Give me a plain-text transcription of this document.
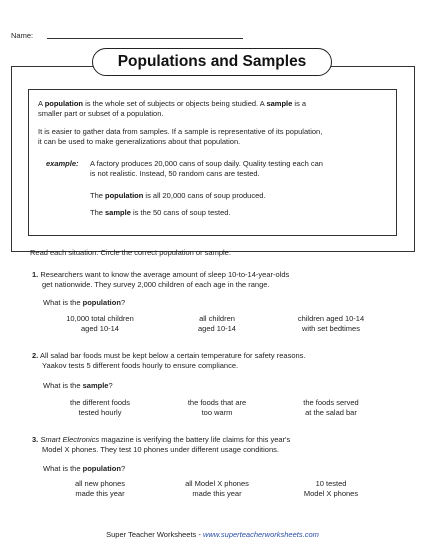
Name:
Populations and Samples
A population is the whole set of subjects or objects being studied. A sample is a
smaller part or subset of a population.
It is easier to gather data from samples. If a sample is representative of its population,
it can be used to make generalizations about that population.
example: A factory produces 20,000 cans of soup daily. Quality testing each can
is not realistic. Instead, 50 random cans are tested.
The population is all 20,000 cans of soup produced.
The sample is the 50 cans of soup tested.
Read each situation. Circle the correct population or sample.
1. Researchers want to know the average amount of sleep 10-to-14-year-olds
get nationwide. They survey 2,000 children of each age in the range.
What is the population?
10,000 total children
aged 10-14
all children
aged 10-14
children aged 10-14
with set bedtimes
2. All salad bar foods must be kept below a certain temperature for safety reasons.
Yaakov tests 5 different foods hourly to ensure compliance.
What is the sample?
the different foods
tested hourly
the foods that are
too warm
the foods served
at the salad bar
3. Smart Electronics magazine is verifying the battery life claims for this year's
Model X phones. They test 10 phones under different usage conditions.
What is the population?
all new phones
made this year
all Model X phones
made this year
10 tested
Model X phones
Super Teacher Worksheets - www.superteacherworksheets.com
